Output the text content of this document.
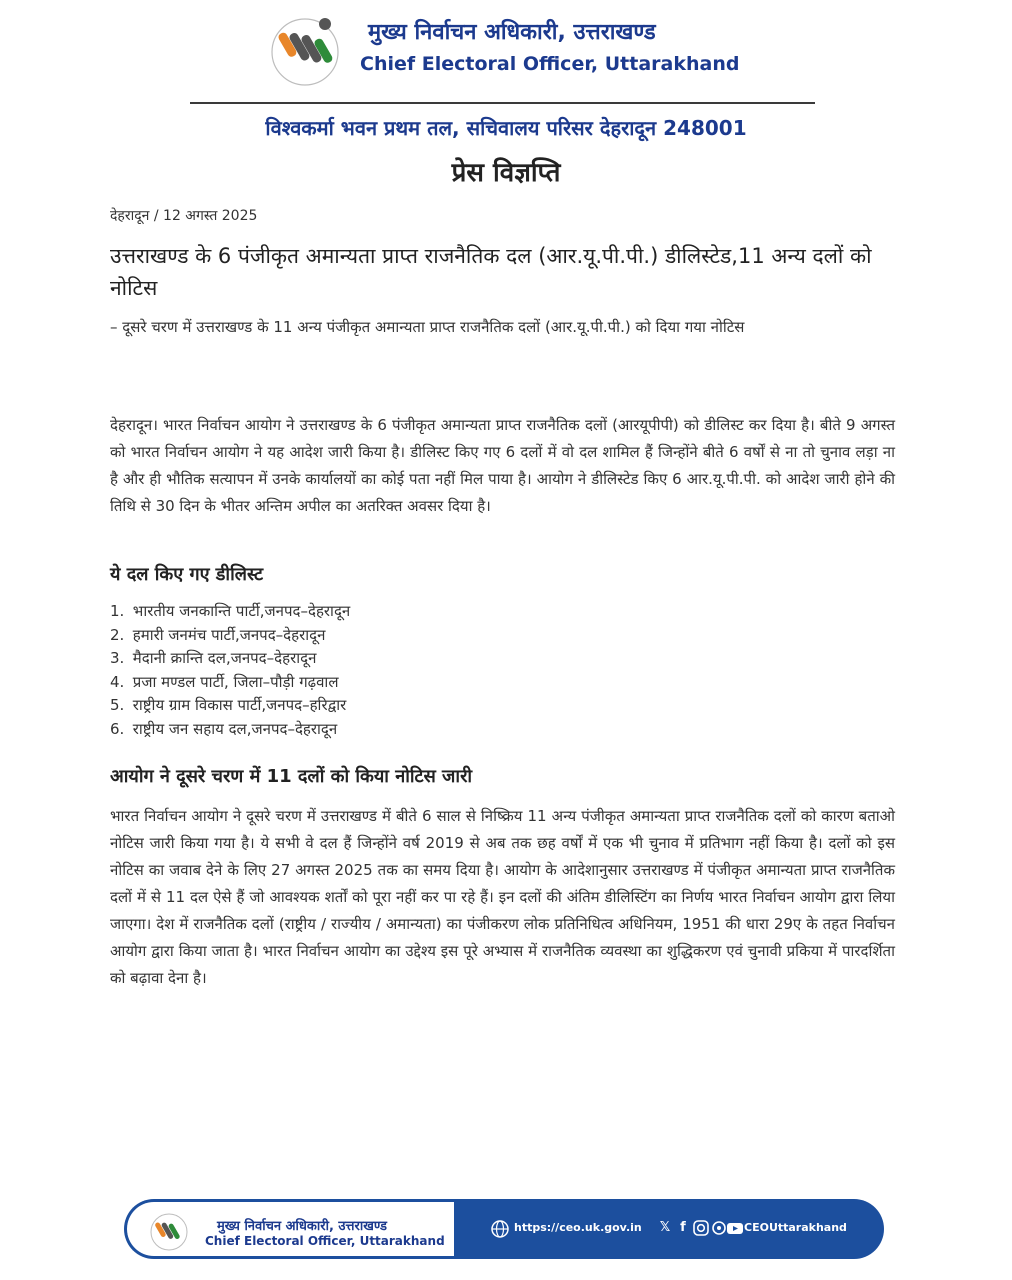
मुख्य निर्वाचन अधिकारी, उत्तराखण्ड
Chief Electoral Officer, Uttarakhand
विश्वकर्मा भवन प्रथम तल, सचिवालय परिसर देहरादून 248001
प्रेस विज्ञप्ति
देहरादून / 12 अगस्त 2025
उत्तराखण्ड के 6 पंजीकृत अमान्यता प्राप्त राजनैतिक दल (आर.यू.पी.पी.) डीलिस्टेड,11 अन्य दलों को नोटिस
– दूसरे चरण में उत्तराखण्ड के 11 अन्य पंजीकृत अमान्यता प्राप्त राजनैतिक दलों (आर.यू.पी.पी.) को दिया गया नोटिस
देहरादून। भारत निर्वाचन आयोग ने उत्तराखण्ड के 6 पंजीकृत अमान्यता प्राप्त राजनैतिक दलों (आरयूपीपी) को डीलिस्ट कर दिया है। बीते 9 अगस्त को भारत निर्वाचन आयोग ने यह आदेश जारी किया है। डीलिस्ट किए गए 6 दलों में वो दल शामिल हैं जिन्होंने बीते 6 वर्षों से ना तो चुनाव लड़ा ना है और ही भौतिक सत्यापन में उनके कार्यालयों का कोई पता नहीं मिल पाया है। आयोग ने डीलिस्टेड किए 6 आर.यू.पी.पी. को आदेश जारी होने की तिथि से 30 दिन के भीतर अन्तिम अपील का अतरिक्त अवसर दिया है।
ये दल किए गए डीलिस्ट
1. भारतीय जनकान्ति पार्टी,जनपद–देहरादून
2. हमारी जनमंच पार्टी,जनपद–देहरादून
3. मैदानी क्रान्ति दल,जनपद–देहरादून
4. प्रजा मण्डल पार्टी, जिला–पौड़ी गढ़वाल
5. राष्ट्रीय ग्राम विकास पार्टी,जनपद–हरिद्वार
6. राष्ट्रीय जन सहाय दल,जनपद–देहरादून
आयोग ने दूसरे चरण में 11 दलों को किया नोटिस जारी
भारत निर्वाचन आयोग ने दूसरे चरण में उत्तराखण्ड में बीते 6 साल से निष्क्रिय 11 अन्य पंजीकृत अमान्यता प्राप्त राजनैतिक दलों को कारण बताओ नोटिस जारी किया गया है। ये सभी वे दल हैं जिन्होंने वर्ष 2019 से अब तक छह वर्षों में एक भी चुनाव में प्रतिभाग नहीं किया है। दलों को इस नोटिस का जवाब देने के लिए 27 अगस्त 2025 तक का समय दिया है। आयोग के आदेशानुसार उत्तराखण्ड में पंजीकृत अमान्यता प्राप्त राजनैतिक दलों में से 11 दल ऐसे हैं जो आवश्यक शर्तों को पूरा नहीं कर पा रहे हैं। इन दलों की अंतिम डीलिस्टिंग का निर्णय भारत निर्वाचन आयोग द्वारा लिया जाएगा। देश में राजनैतिक दलों (राष्ट्रीय / राज्यीय / अमान्यता) का पंजीकरण लोक प्रतिनिधित्व अधिनियम, 1951 की धारा 29ए के तहत निर्वाचन आयोग द्वारा किया जाता है। भारत निर्वाचन आयोग का उद्देश्य इस पूरे अभ्यास में राजनैतिक व्यवस्था का शुद्धिकरण एवं चुनावी प्रकिया में पारदर्शिता को बढ़ावा देना है।
मुख्य निर्वाचन अधिकारी, उत्तराखण्ड
Chief Electoral Officer, Uttarakhand
https://ceo.uk.gov.in 𝕏 f	CEOUttarakhand
